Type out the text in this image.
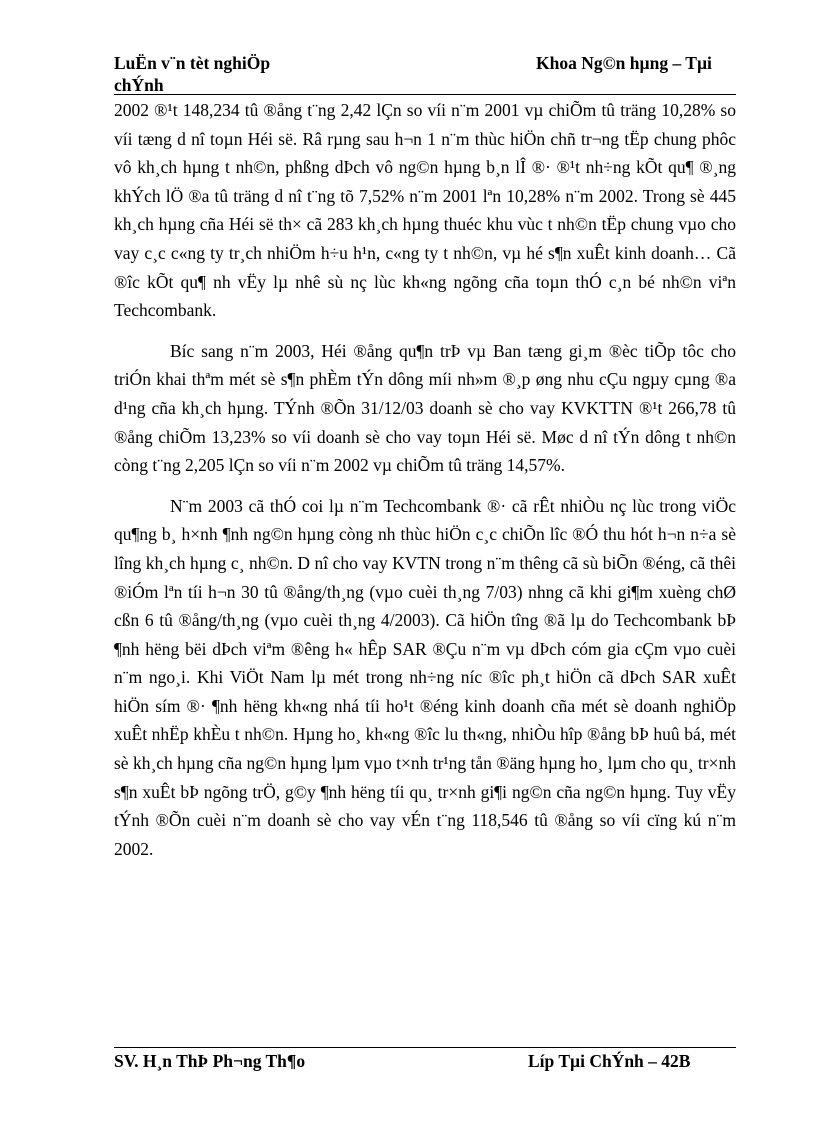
LuËn v¨n tèt nghiÖp chÝnh
Khoa Ng©n hµng – Tµi

2002 ®¹t 148,234 tû ®ång t¨ng 2,42 lÇn so víi n¨m 2001 vµ chiÕm tû träng 10,28% so víi tæng d nî toµn Héi së. Râ rµng sau h¬n 1 n¨m thùc hiÖn chñ tr¬ng tËp chung phôc vô kh¸ch hµng t nh©n, phßng dÞch vô ng©n hµng b¸n lÎ ®· ®¹t nh÷ng kÕt qu¶ ®¸ng khÝch lÖ ®a tû träng d nî t¨ng tõ 7,52% n¨m 2001 lªn 10,28% n¨m 2002. Trong sè 445 kh¸ch hµng cña Héi së th× cã 283 kh¸ch hµng thuéc khu vùc t nh©n tËp chung vµo cho vay c¸c c«ng ty tr¸ch nhiÖm h÷u h¹n, c«ng ty t nh©n, vµ hé s¶n xuÊt kinh doanh… Cã ®îc kÕt qu¶ nh vËy lµ nhê sù nç lùc kh«ng ngõng cña toµn thÓ c¸n bé nh©n viªn Techcombank.

Bíc sang n¨m 2003, Héi ®ång qu¶n trÞ vµ Ban tæng gi¸m ®èc tiÕp tôc cho triÓn khai thªm mét sè s¶n phÈm tÝn dông míi nh»m ®¸p øng nhu cÇu ngµy cµng ®a d¹ng cña kh¸ch hµng. TÝnh ®Õn 31/12/03 doanh sè cho vay KVKTTN ®¹t 266,78 tû ®ång chiÕm 13,23% so víi doanh sè cho vay toµn Héi së. Møc d nî tÝn dông t nh©n còng t¨ng 2,205 lÇn so víi n¨m 2002 vµ chiÕm tû träng 14,57%.

N¨m 2003 cã thÓ coi lµ n¨m Techcombank ®· cã rÊt nhiÒu nç lùc trong viÖc qu¶ng b¸ h×nh ¶nh ng©n hµng còng nh thùc hiÖn c¸c chiÕn lîc ®Ó thu hót h¬n n÷a sè lîng kh¸ch hµng c¸ nh©n. D nî cho vay KVTN trong n¨m thêng cã sù biÕn ®éng, cã thêi ®iÓm lªn tíi h¬n 30 tû ®ång/th¸ng (vµo cuèi th¸ng 7/03) nhng cã khi gi¶m xuèng chØ cßn 6 tû ®ång/th¸ng (vµo cuèi th¸ng 4/2003). Cã hiÖn tîng ®ã lµ do Techcombank bÞ ¶nh hëng bëi dÞch viªm ®êng h« hÊp SAR ®Çu n¨m vµ dÞch cóm gia cÇm vµo cuèi n¨m ngo¸i. Khi ViÖt Nam lµ mét trong nh÷ng níc ®îc ph¸t hiÖn cã dÞch SAR xuÊt hiÖn sím ®· ¶nh hëng kh«ng nhá tíi ho¹t ®éng kinh doanh cña mét sè doanh nghiÖp xuÊt nhËp khÈu t nh©n. Hµng ho¸ kh«ng ®îc lu th«ng, nhiÒu hîp ®ång bÞ huû bá, mét sè kh¸ch hµng cña ng©n hµng lµm vµo t×nh tr¹ng tån ®äng hµng ho¸ lµm cho qu¸ tr×nh s¶n xuÊt bÞ ngõng trÖ, g©y ¶nh hëng tíi qu¸ tr×nh gi¶i ng©n cña ng©n hµng. Tuy vËy tÝnh ®Õn cuèi n¨m doanh sè cho vay vÉn t¨ng 118,546 tû ®ång so víi cïng kú n¨m 2002.

SV. H¸n ThÞ Ph¬ng Th¶o	Líp Tµi ChÝnh – 42B
